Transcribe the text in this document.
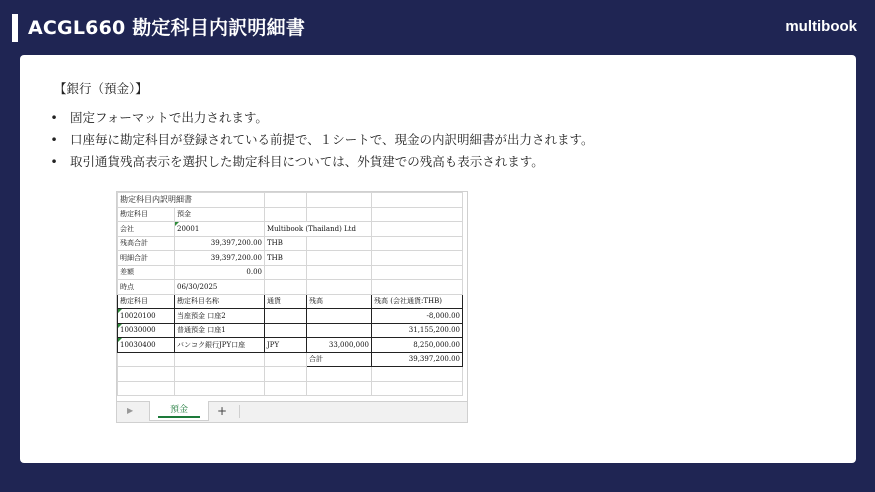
ACGL660 勘定科目内訳明細書	multibook
【銀行（預金）】
• 固定フォーマットで出力されます。
• 口座毎に勘定科目が登録されている前提で、１シートで、現金の内訳明細書が出力されます。
• 取引通貨残高表示を選択した勘定科目については、外貨建での残高も表示されます。
勘定科目内訳明細書				
勘定科目	預金			
会社	20001	Multibook (Thailand) Ltd		
残高合計	39,397,200.00	THB		
明細合計	39,397,200.00	THB		
差額	0.00			
時点	06/30/2025			
勘定科目	勘定科目名称	通貨	残高	残高 (会社通貨:THB)
10020100	当座預金 口座2			-8,000.00
10030000	普通預金 口座1			31,155,200.00
10030400	バンコク銀行JPY口座	JPY	33,000,000	8,250,000.00
			合計	39,397,200.00

▶	預金	+
